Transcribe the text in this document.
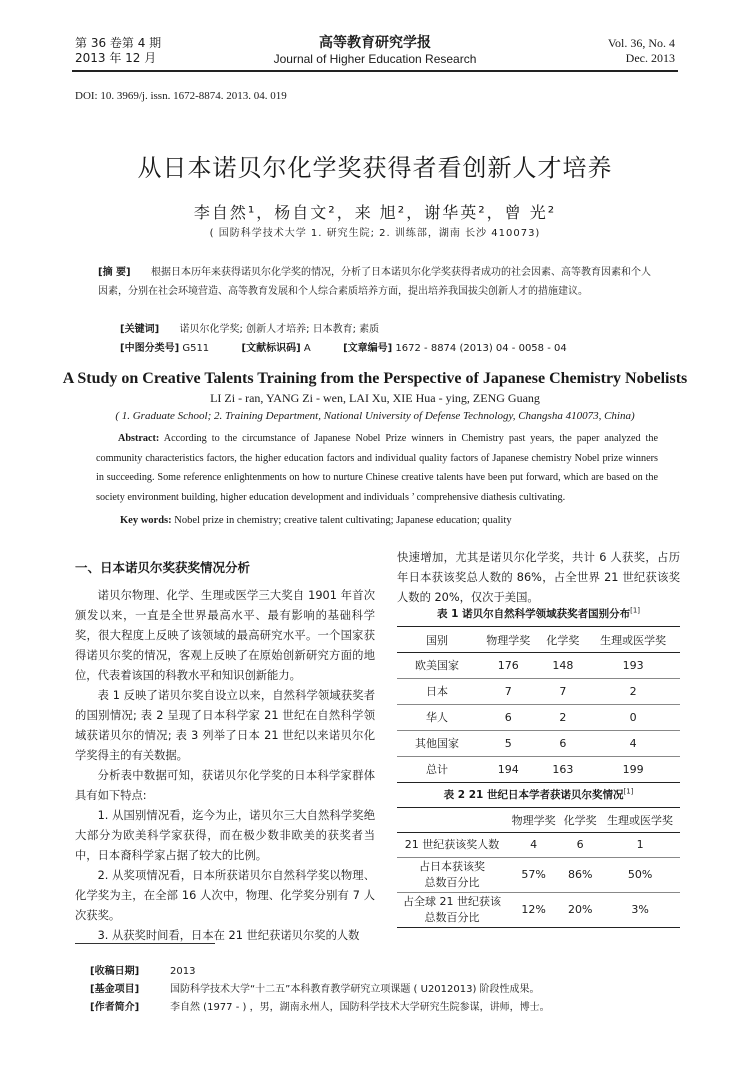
第 36 卷第 4 期
2013 年 12 月
高等教育研究学报
Journal of Higher Education Research
Vol. 36, No. 4
Dec. 2013
DOI: 10. 3969/j. issn. 1672-8874. 2013. 04. 019
从日本诺贝尔化学奖获得者看创新人才培养
李自然¹，杨自文²，来 旭²，谢华英²，曾 光²
( 国防科学技术大学 1. 研究生院; 2. 训练部，湖南 长沙 410073)
[摘 要] 根据日本历年来获得诺贝尔化学奖的情况，分析了日本诺贝尔化学奖获得者成功的社会因素、高等教育因素和个人因素，分别在社会环境营造、高等教育发展和个人综合素质培养方面，提出培养我国拔尖创新人才的措施建议。
[关键词] 诺贝尔化学奖; 创新人才培养; 日本教育; 素质
[中图分类号] G511	[文献标识码] A	[文章编号] 1672 - 8874 (2013) 04 - 0058 - 04
A Study on Creative Talents Training from the Perspective of Japanese Chemistry Nobelists
LI Zi - ran, YANG Zi - wen, LAI Xu, XIE Hua - ying, ZENG Guang
( 1. Graduate School; 2. Training Department, National University of Defense Technology, Changsha 410073, China)
Abstract: According to the circumstance of Japanese Nobel Prize winners in Chemistry past years, the paper analyzed the community characteristics factors, the higher education factors and individual quality factors of Japanese chemistry Nobel prize winners in succeeding. Some reference enlightenments on how to nurture Chinese creative talents have been put forward, which are based on the society environment building, higher education development and individuals ’ comprehensive diathesis cultivating.
Key words: Nobel prize in chemistry; creative talent cultivating; Japanese education; quality
一、日本诺贝尔奖获奖情况分析

诺贝尔物理、化学、生理或医学三大奖自 1901 年首次颁发以来，一直是全世界最高水平、最有影响的基础科学奖，很大程度上反映了该领域的最高研究水平。一个国家获得诺贝尔奖的情况，客观上反映了在原始创新研究方面的地位，代表着该国的科教水平和知识创新能力。

表 1 反映了诺贝尔奖自设立以来，自然科学领域获奖者的国别情况; 表 2 呈现了日本科学家 21 世纪在自然科学领域获诺贝尔的情况; 表 3 列举了日本 21 世纪以来诺贝尔化学奖得主的有关数据。

分析表中数据可知，获诺贝尔化学奖的日本科学家群体具有如下特点:

1. 从国别情况看，迄今为止，诺贝尔三大自然科学奖绝大部分为欧美科学家获得，而在极少数非欧美的获奖者当中，日本裔科学家占据了较大的比例。

2. 从奖项情况看，日本所获诺贝尔自然科学奖以物理、化学奖为主，在全部 16 人次中，物理、化学奖分别有 7 人次获奖。

3. 从获奖时间看，日本在 21 世纪获诺贝尔奖的人数

快速增加，尤其是诺贝尔化学奖，共计 6 人获奖，占历年日本获该奖总人数的 86%，占全世界 21 世纪获该奖人数的 20%，仅次于美国。

表 1 诺贝尔自然科学领域获奖者国别分布[1]
国别	物理学奖	化学奖	生理或医学奖
欧美国家	176	148	193
日本	7	7	2
华人	6	2	0
其他国家	5	6	4
总计	194	163	199
表 2 21 世纪日本学者获诺贝尔奖情况[1]
	物理学奖	化学奖	生理或医学奖
21 世纪获该奖人数	4	6	1
占日本获该奖
总数百分比	57%	86%	50%
占全球 21 世纪获该
总数百分比	12%	20%	3%
[收稿日期]	2013
[基金项目]	国防科学技术大学“十二五”本科教育教学研究立项课题 ( U2012013) 阶段性成果。
[作者简介]	李自然 (1977 - ) ，男，湖南永州人，国防科学技术大学研究生院参谋，讲师，博士。
